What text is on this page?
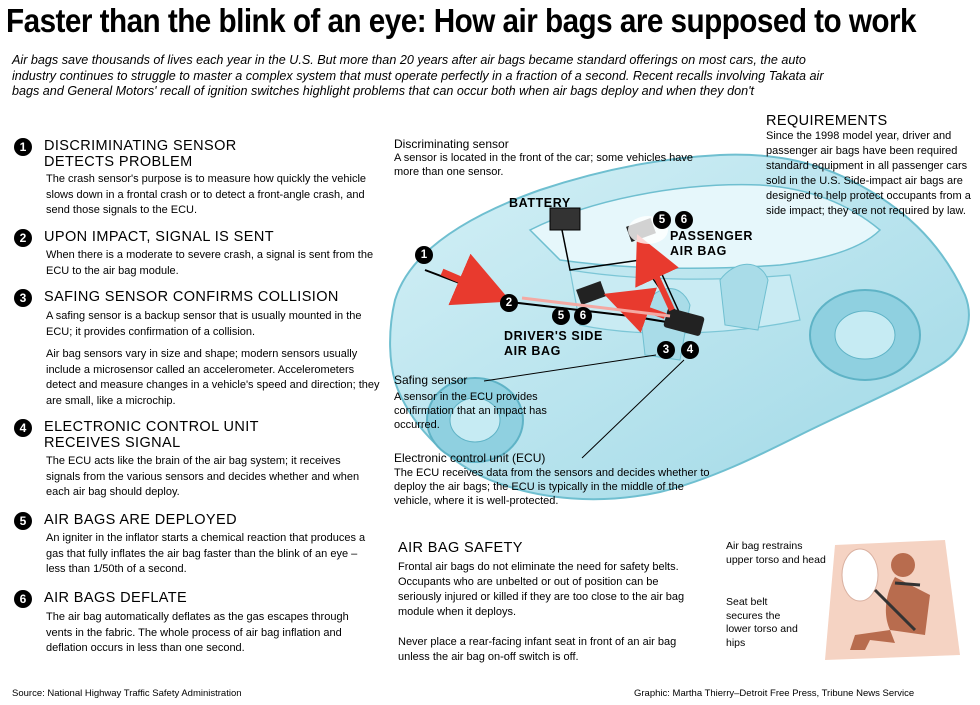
Faster than the blink of an eye: How air bags are supposed to work
Air bags save thousands of lives each year in the U.S. But more than 20 years after air bags became standard offerings on most cars, the auto industry continues to struggle to master a complex system that must operate perfectly in a fraction of a second. Recent recalls involving Takata air bags and General Motors' recall of ignition switches highlight problems that can occur both when air bags deploy and when they don't
1	DISCRIMINATING SENSOR
DETECTS PROBLEM
The crash sensor's purpose is to measure how quickly the vehicle slows down in a frontal crash or to detect a front-angle crash, and send those signals to the ECU.
2	UPON IMPACT, SIGNAL IS SENT
When there is a moderate to severe crash, a signal is sent from the ECU to the air bag module.
3	SAFING SENSOR CONFIRMS COLLISION
A safing sensor is a backup sensor that is usually mounted in the ECU; it provides confirmation of a collision.
Air bag sensors vary in size and shape; modern sensors usually include a microsensor called an accelerometer. Accelerometers detect and measure changes in a vehicle's speed and direction; they are small, like a microchip.
4	ELECTRONIC CONTROL UNIT
RECEIVES SIGNAL
The ECU acts like the brain of the air bag system; it receives signals from the various sensors and decides whether and when each air bag should deploy.
5	AIR BAGS ARE DEPLOYED
An igniter in the inflator starts a chemical reaction that produces a gas that fully inflates the air bag faster than the blink of an eye – less than 1/50th of a second.
6	AIR BAGS DEFLATE
The air bag automatically deflates as the gas escapes through vents in the fabric. The whole process of air bag inflation and deflation occurs in less than one second.
Discriminating sensor
A sensor is located in the front of the car; some vehicles have more than one sensor.
BATTERY
PASSENGER
AIR BAG
DRIVER'S SIDE
AIR BAG
Safing sensor
A sensor in the ECU provides confirmation that an impact has occurred.
Electronic control unit (ECU)
The ECU receives data from the sensors and decides whether to deploy the air bags; the ECU is typically in the middle of the vehicle, where it is well-protected.
1
2
3	4
5	6
5	6
REQUIREMENTS
Since the 1998 model year, driver and passenger air bags have been required standard equipment in all passenger cars sold in the U.S. Side-impact air bags are designed to help protect occupants from a side impact; they are not required by law.
AIR BAG SAFETY
Frontal air bags do not eliminate the need for safety belts. Occupants who are unbelted or out of position can be seriously injured or killed if they are too close to the air bag module when it deploys.
Never place a rear-facing infant seat in front of an air bag unless the air bag on-off switch is off.
Air bag restrains upper torso and head
Seat belt secures the lower torso and hips
Source: National Highway Traffic Safety Administration	Graphic: Martha Thierry–Detroit Free Press, Tribune News Service
